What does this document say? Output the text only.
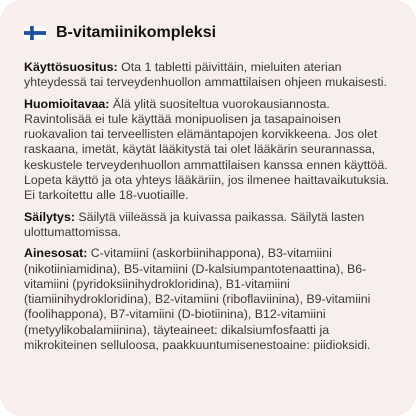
B-vitamiinikompleksi

Käyttösuositus: Ota 1 tabletti päivittäin, mieluiten aterian yhteydessä tai terveydenhuollon ammattilaisen ohjeen mukaisesti.

Huomioitavaa: Älä ylitä suositeltua vuorokausiannosta. Ravintolisää ei tule käyttää monipuolisen ja tasapainoisen ruokavalion tai terveellisten elämäntapojen korvikkeena. Jos olet raskaana, imetät, käytät lääkitystä tai olet lääkärin seurannassa, keskustele terveydenhuollon ammattilaisen kanssa ennen käyttöä. Lopeta käyttö ja ota yhteys lääkäriin, jos ilmenee haittavaikutuksia. Ei tarkoitettu alle 18-vuotiaille.

Säilytys: Säilytä viileässä ja kuivassa paikassa. Säilytä lasten ulottumattomissa.

Ainesosat: C-vitamiini (askorbiinihappona), B3-vitamiini (nikotiiniamidina), B5-vitamiini (D-kalsiumpantotenaattina), B6-vitamiini (pyridoksiinihydrokloridina), B1-vitamiini (tiamiinihydrokloridina), B2-vitamiini (riboflaviinina), B9-vitamiini (foolihappona), B7-vitamiini (D-biotiinina), B12-vitamiini (metyylikobalamiinina), täyteaineet: dikalsiumfosfaatti ja mikrokiteinen selluloosa, paakkuuntumisenestoaine: piidioksidi.
